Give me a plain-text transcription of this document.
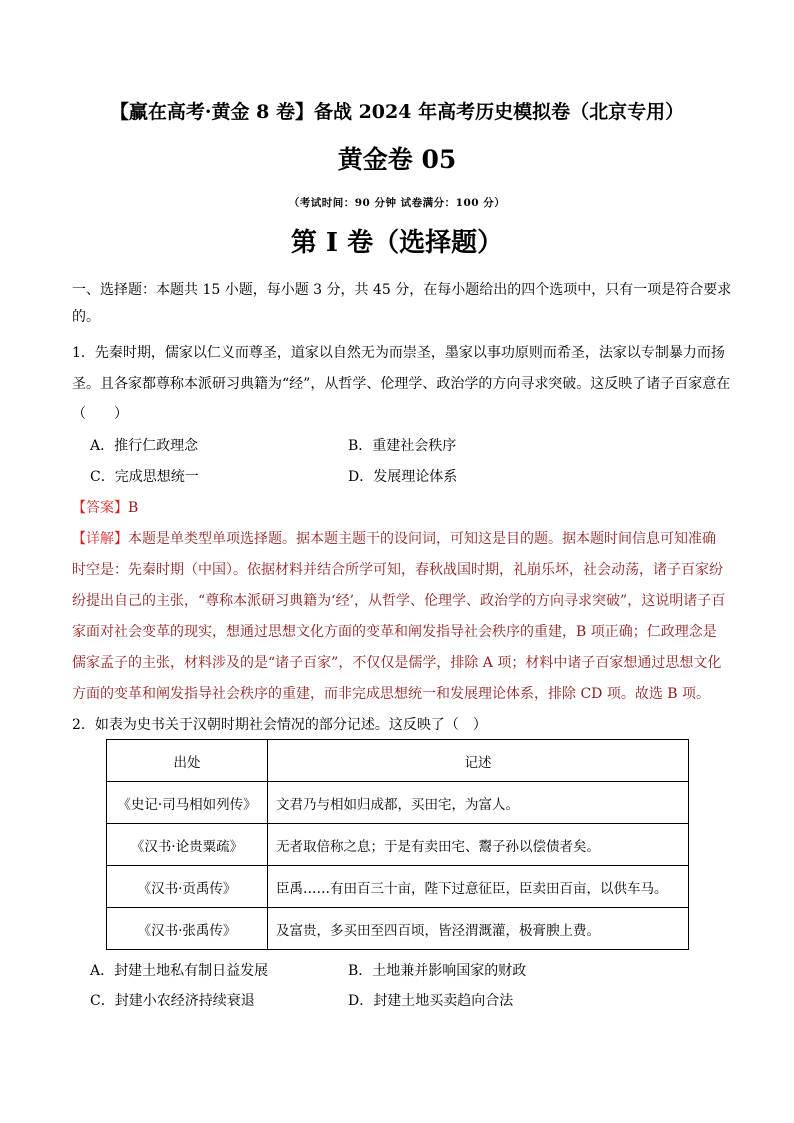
【赢在高考·黄金 8 卷】备战 2024 年高考历史模拟卷（北京专用）
黄金卷 05
（考试时间：90 分钟 试卷满分：100 分）
第 I 卷（选择题）
一、选择题：本题共 15 小题，每小题 3 分，共 45 分，在每小题给出的四个选项中，只有一项是符合要求
的。
1．先秦时期，儒家以仁义而尊圣，道家以自然无为而崇圣，墨家以事功原则而希圣，法家以专制暴力而扬
圣。且各家都尊称本派研习典籍为“经”，从哲学、伦理学、政治学的方向寻求突破。这反映了诸子百家意在
（　　）
A．推行仁政理念	B．重建社会秩序
C．完成思想统一	D．发展理论体系
【答案】B
【详解】本题是单类型单项选择题。据本题主题干的设问词，可知这是目的题。据本题时间信息可知准确
时空是：先秦时期（中国）。依据材料并结合所学可知，春秋战国时期，礼崩乐坏，社会动荡，诸子百家纷
纷提出自己的主张，“尊称本派研习典籍为‘经’，从哲学、伦理学、政治学的方向寻求突破”，这说明诸子百
家面对社会变革的现实，想通过思想文化方面的变革和阐发指导社会秩序的重建，B 项正确；仁政理念是
儒家孟子的主张，材料涉及的是“诸子百家”，不仅仅是儒学，排除 A 项；材料中诸子百家想通过思想文化
方面的变革和阐发指导社会秩序的重建，而非完成思想统一和发展理论体系，排除 CD 项。故选 B 项。
2．如表为史书关于汉朝时期社会情况的部分记述。这反映了（　）
出处	记述
《史记·司马相如列传》	文君乃与相如归成都，买田宅，为富人。
《汉书·论贵粟疏》	无者取倍称之息；于是有卖田宅、鬻子孙以偿债者矣。
《汉书·贡禹传》	臣禹……有田百三十亩，陛下过意征臣，臣卖田百亩，以供车马。
《汉书·张禹传》	及富贵，多买田至四百顷，皆泾渭溉灌，极膏腴上费。
A．封建土地私有制日益发展	B．土地兼并影响国家的财政
C．封建小农经济持续衰退	D．封建土地买卖趋向合法
